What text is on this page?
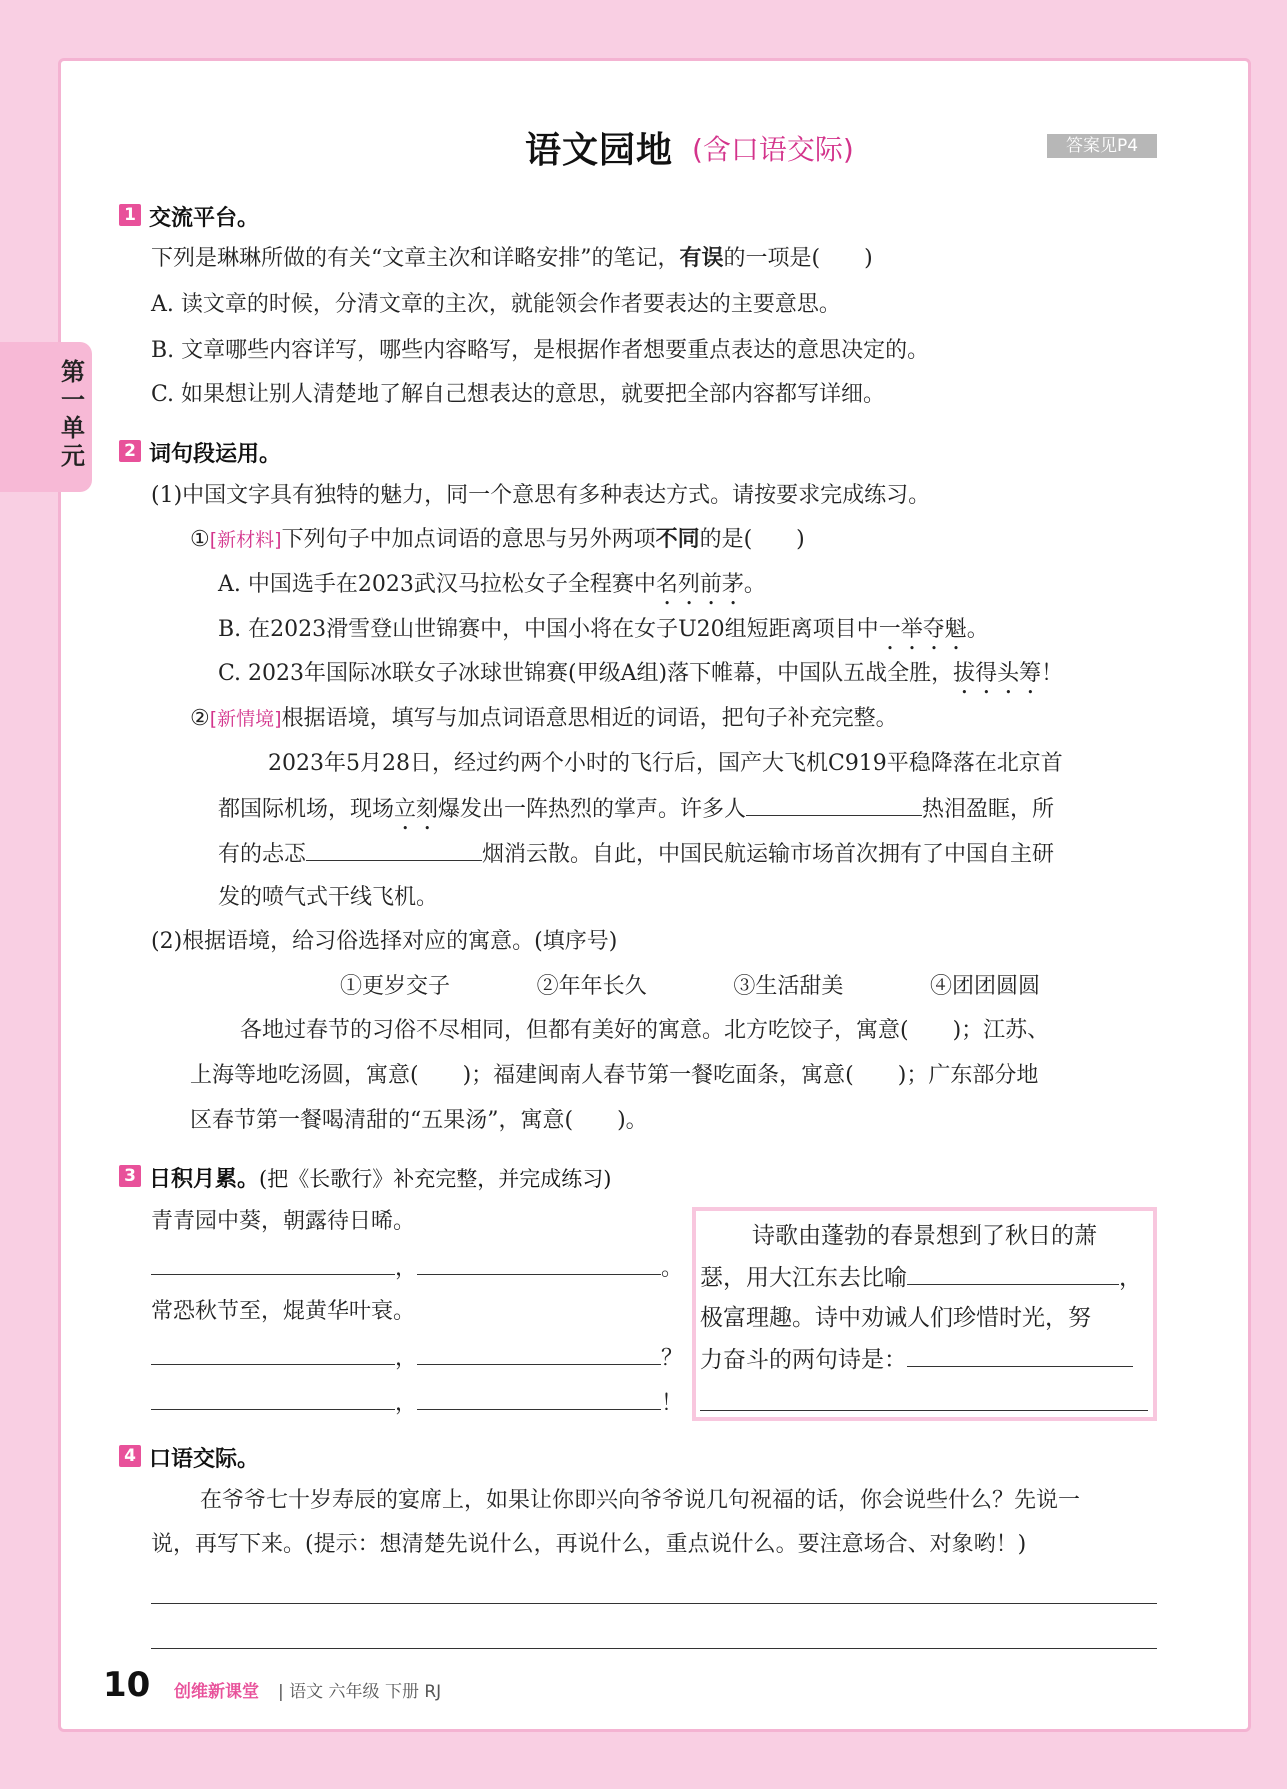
语文园地 (含口语交际)	答案见P4
第一单元
1 交流平台。
下列是琳琳所做的有关“文章主次和详略安排”的笔记，有误的一项是(　　)
A. 读文章的时候，分清文章的主次，就能领会作者要表达的主要意思。
B. 文章哪些内容详写，哪些内容略写，是根据作者想要重点表达的意思决定的。
C. 如果想让别人清楚地了解自己想表达的意思，就要把全部内容都写详细。
2 词句段运用。
(1)中国文字具有独特的魅力，同一个意思有多种表达方式。请按要求完成练习。
①[新材料]下列句子中加点词语的意思与另外两项不同的是(　　)
A. 中国选手在2023武汉马拉松女子全程赛中名列前茅。
B. 在2023滑雪登山世锦赛中，中国小将在女子U20组短距离项目中一举夺魁。
C. 2023年国际冰联女子冰球世锦赛(甲级A组)落下帷幕，中国队五战全胜，拔得头筹！
②[新情境]根据语境，填写与加点词语意思相近的词语，把句子补充完整。
2023年5月28日，经过约两个小时的飞行后，国产大飞机C919平稳降落在北京首
都国际机场，现场立刻爆发出一阵热烈的掌声。许多人	热泪盈眶，所
有的忐忑	烟消云散。自此，中国民航运输市场首次拥有了中国自主研
发的喷气式干线飞机。
(2)根据语境，给习俗选择对应的寓意。(填序号)
①更岁交子	②年年长久	③生活甜美	④团团圆圆
各地过春节的习俗不尽相同，但都有美好的寓意。北方吃饺子，寓意(　　)；江苏、
上海等地吃汤圆，寓意(　　)；福建闽南人春节第一餐吃面条，寓意(　　)；广东部分地
区春节第一餐喝清甜的“五果汤”，寓意(　　)。
3 日积月累。(把《长歌行》补充完整，并完成练习)
青青园中葵，朝露待日晞。
，	。
常恐秋节至，焜黄华叶衰。
，	？
，	！
诗歌由蓬勃的春景想到了秋日的萧
瑟，用大江东去比喻	，
极富理趣。诗中劝诫人们珍惜时光，努
力奋斗的两句诗是：
4 口语交际。
在爷爷七十岁寿辰的宴席上，如果让你即兴向爷爷说几句祝福的话，你会说些什么？先说一
说，再写下来。(提示：想清楚先说什么，再说什么，重点说什么。要注意场合、对象哟！)
10 创维新课堂 | 语文 六年级 下册 RJ
